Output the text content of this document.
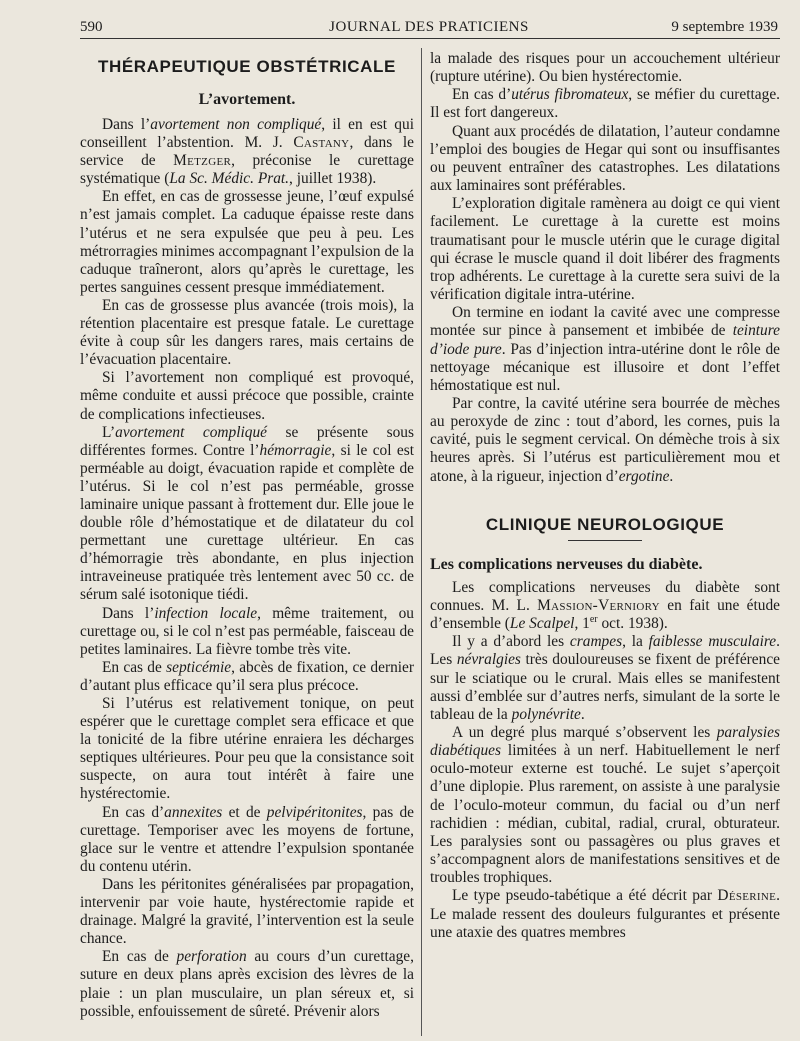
590	JOURNAL DES PRATICIENS	9 septembre 1939
THÉRAPEUTIQUE OBSTÉTRICALE
L’avortement.

Dans l’avortement non compliqué, il en est qui conseillent l’abstention. M. J. Castany, dans le service de Metzger, préconise le curettage systématique (La Sc. Médic. Prat., juillet 1938).

En effet, en cas de grossesse jeune, l’œuf expulsé n’est jamais complet. La caduque épaisse reste dans l’utérus et ne sera expulsée que peu à peu. Les métrorragies minimes accompagnant l’expulsion de la caduque traîneront, alors qu’après le curettage, les pertes sanguines cessent presque immédiatement.

En cas de grossesse plus avancée (trois mois), la rétention placentaire est presque fatale. Le curettage évite à coup sûr les dangers rares, mais certains de l’évacuation placentaire.

Si l’avortement non compliqué est provoqué, même conduite et aussi précoce que possible, crainte de complications infectieuses.

L’avortement compliqué se présente sous différentes formes. Contre l’hémorragie, si le col est perméable au doigt, évacuation rapide et complète de l’utérus. Si le col n’est pas perméable, grosse laminaire unique passant à frottement dur. Elle joue le double rôle d’hémostatique et de dilatateur du col permettant une curettage ultérieur. En cas d’hémorragie très abondante, en plus injection intraveineuse pratiquée très lentement avec 50 cc. de sérum salé isotonique tiédi.

Dans l’infection locale, même traitement, ou curettage ou, si le col n’est pas perméable, faisceau de petites laminaires. La fièvre tombe très vite.

En cas de septicémie, abcès de fixation, ce dernier d’autant plus efficace qu’il sera plus précoce.

Si l’utérus est relativement tonique, on peut espérer que le curettage complet sera efficace et que la tonicité de la fibre utérine enraiera les décharges septiques ultérieures. Pour peu que la consistance soit suspecte, on aura tout intérêt à faire une hystérectomie.

En cas d’annexites et de pelvipéritonites, pas de curettage. Temporiser avec les moyens de fortune, glace sur le ventre et attendre l’expulsion spontanée du contenu utérin.

Dans les péritonites généralisées par propagation, intervenir par voie haute, hystérectomie rapide et drainage. Malgré la gravité, l’intervention est la seule chance.

En cas de perforation au cours d’un curettage, suture en deux plans après excision des lèvres de la plaie : un plan musculaire, un plan séreux et, si possible, enfouissement de sûreté. Prévenir alors

la malade des risques pour un accouchement ultérieur (rupture utérine). Ou bien hystérectomie.

En cas d’utérus fibromateux, se méfier du curettage. Il est fort dangereux.

Quant aux procédés de dilatation, l’auteur condamne l’emploi des bougies de Hegar qui sont ou insuffisantes ou peuvent entraîner des catastrophes. Les dilatations aux laminaires sont préférables.

L’exploration digitale ramènera au doigt ce qui vient facilement. Le curettage à la curette est moins traumatisant pour le muscle utérin que le curage digital qui écrase le muscle quand il doit libérer des fragments trop adhérents. Le curettage à la curette sera suivi de la vérification digitale intra-utérine.

On termine en iodant la cavité avec une compresse montée sur pince à pansement et imbibée de teinture d’iode pure. Pas d’injection intra-utérine dont le rôle de nettoyage mécanique est illusoire et dont l’effet hémostatique est nul.

Par contre, la cavité utérine sera bourrée de mèches au peroxyde de zinc : tout d’abord, les cornes, puis la cavité, puis le segment cervical. On démèche trois à six heures après. Si l’utérus est particulièrement mou et atone, à la rigueur, injection d’ergotine.

CLINIQUE NEUROLOGIQUE
Les complications nerveuses du diabète.

Les complications nerveuses du diabète sont connues. M. L. Massion-Verniory en fait une étude d’ensemble (Le Scalpel, 1er oct. 1938).

Il y a d’abord les crampes, la faiblesse musculaire. Les névralgies très douloureuses se fixent de préférence sur le sciatique ou le crural. Mais elles se manifestent aussi d’emblée sur d’autres nerfs, simulant de la sorte le tableau de la polynévrite.

A un degré plus marqué s’observent les paralysies diabétiques limitées à un nerf. Habituellement le nerf oculo-moteur externe est touché. Le sujet s’aperçoit d’une diplopie. Plus rarement, on assiste à une paralysie de l’oculo-moteur commun, du facial ou d’un nerf rachidien : médian, cubital, radial, crural, obturateur. Les paralysies sont ou passagères ou plus graves et s’accompagnent alors de manifestations sensitives et de troubles trophiques.

Le type pseudo-tabétique a été décrit par Déserine. Le malade ressent des douleurs fulgurantes et présente une ataxie des quatres membres
